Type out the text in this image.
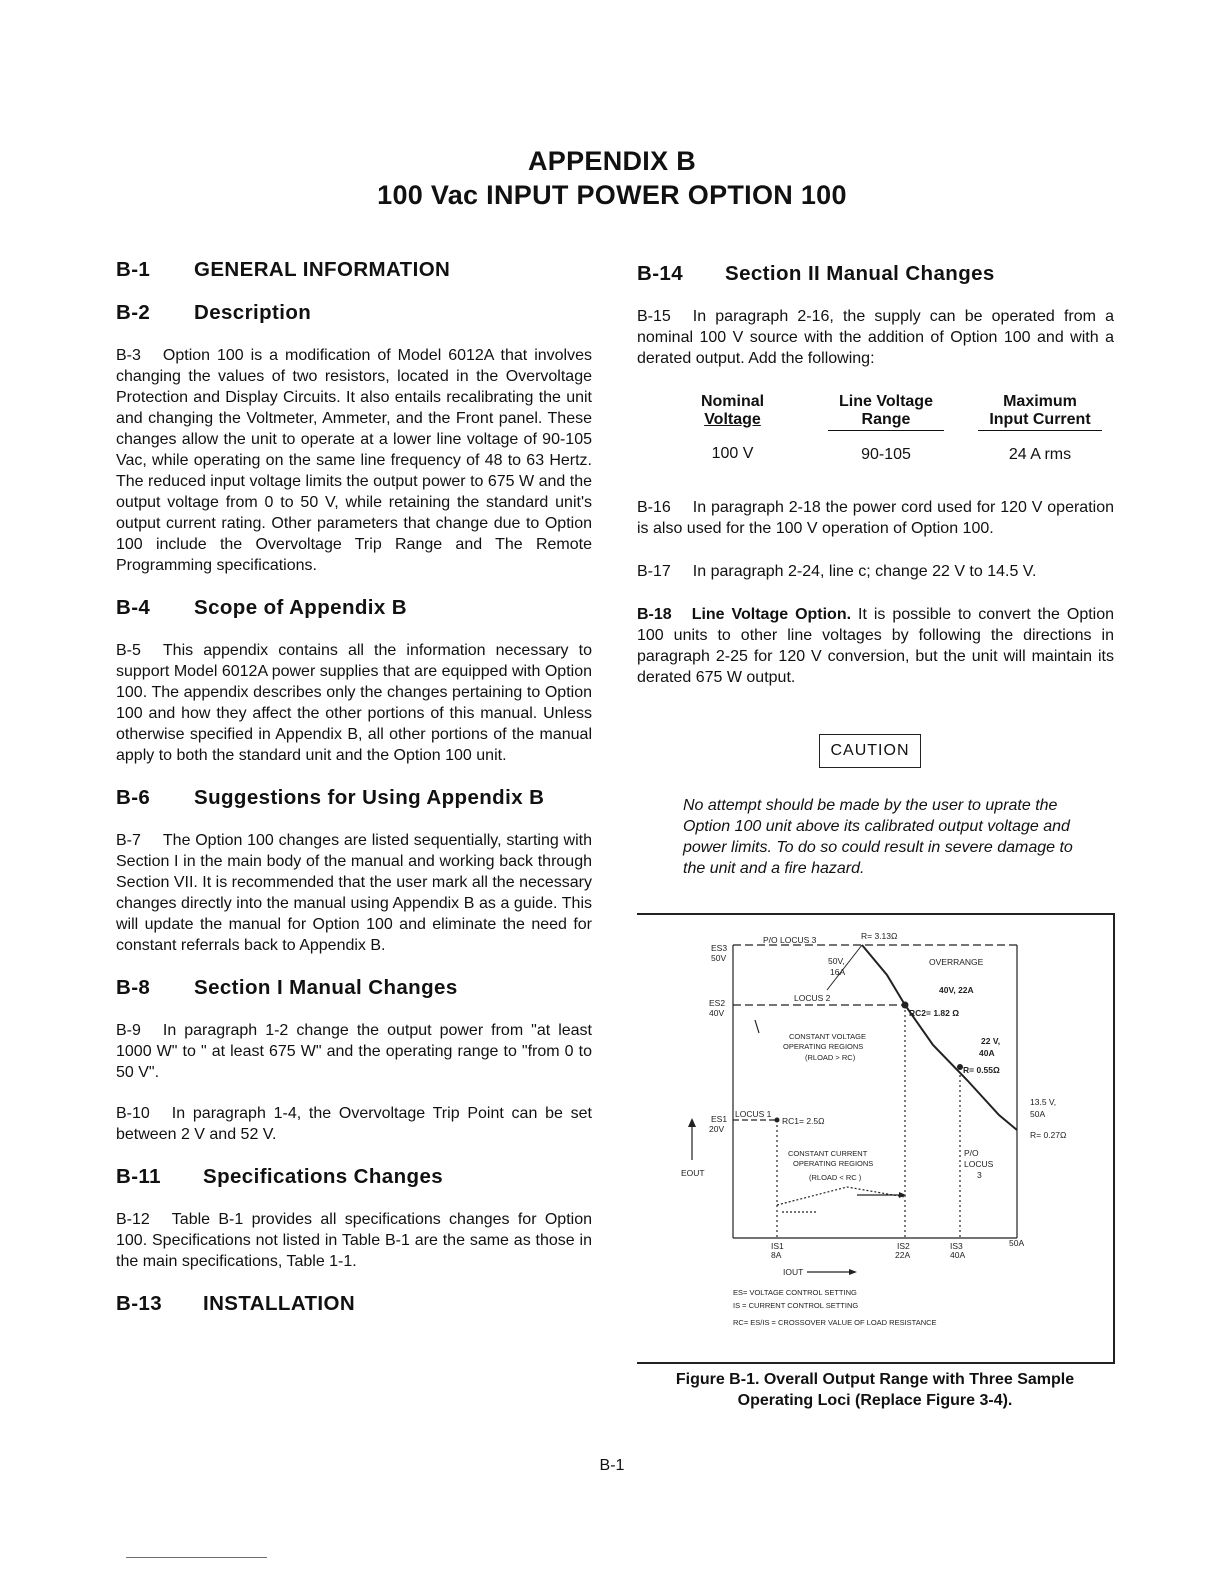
APPENDIX B
100 Vac INPUT POWER OPTION 100
B-1 GENERAL INFORMATION
B-2 Description

B-3 Option 100 is a modification of Model 6012A that involves changing the values of two resistors, located in the Overvoltage Protection and Display Circuits. It also entails recalibrating the unit and changing the Voltmeter, Ammeter, and the Front panel. These changes allow the unit to operate at a lower line voltage of 90-105 Vac, while operating on the same line frequency of 48 to 63 Hertz. The reduced input voltage limits the output power to 675 W and the output voltage from 0 to 50 V, while retaining the standard unit's output current rating. Other parameters that change due to Option 100 include the Overvoltage Trip Range and The Remote Programming specifications.

B-4 Scope of Appendix B

B-5 This appendix contains all the information necessary to support Model 6012A power supplies that are equipped with Option 100. The appendix describes only the changes pertaining to Option 100 and how they affect the other portions of this manual. Unless otherwise specified in Appendix B, all other portions of the manual apply to both the standard unit and the Option 100 unit.

B-6 Suggestions for Using Appendix B

B-7 The Option 100 changes are listed sequentially, starting with Section I in the main body of the manual and working back through Section VII. It is recommended that the user mark all the necessary changes directly into the manual using Appendix B as a guide. This will update the manual for Option 100 and eliminate the need for constant referrals back to Appendix B.

B-8 Section I Manual Changes

B-9 In paragraph 1-2 change the output power from "at least 1000 W" to " at least 675 W" and the operating range to "from 0 to 50 V".

B-10 In paragraph 1-4, the Overvoltage Trip Point can be set between 2 V and 52 V.

B-11 Specifications Changes

B-12 Table B-1 provides all specifications changes for Option 100. Specifications not listed in Table B-1 are the same as those in the main specifications, Table 1-1.

B-13 INSTALLATION
B-14 Section II Manual Changes

B-15 In paragraph 2-16, the supply can be operated from a nominal 100 V source with the addition of Option 100 and with a derated output. Add the following:

Nominal
Voltage
100 V
Line Voltage
Range
90-105
Maximum
Input Current
24 A rms

B-16 In paragraph 2-18 the power cord used for 120 V operation is also used for the 100 V operation of Option 100.

B-17 In paragraph 2-24, line c; change 22 V to 14.5 V.

B-18 Line Voltage Option. It is possible to convert the Option 100 units to other line voltages by following the directions in paragraph 2-25 for 120 V conversion, but the unit will maintain its derated 675 W output.

CAUTION
No attempt should be made by the user to uprate the Option 100 unit above its calibrated output voltage and power limits. To do so could result in severe damage to the unit and a fire hazard.
P/O LOCUS 3	R= 3.13Ω
ES3
50V	50V,
16A
OVERRANGE
40V, 22A
RC2= 1.82 Ω
LOCUS 2
ES2
40V
CONSTANT VOLTAGE
OPERATING REGIONS
(RLOAD > RC)
22 V,
40A
R= 0.55Ω
13.5 V,
50A
R= 0.27Ω
LOCUS 1
ES1
20V
RC1= 2.5Ω
CONSTANT CURRENT
OPERATING REGIONS
(RLOAD < RC )
P/O
LOCUS
3
EOUT
IS1
8A
IS2
22A
IS3
40A
50A
IOUT
ES= VOLTAGE CONTROL SETTING
IS = CURRENT CONTROL SETTING
RC= ES/IS = CROSSOVER VALUE OF LOAD RESISTANCE
Figure B-1. Overall Output Range with Three Sample Operating Loci (Replace Figure 3-4).
B-1
